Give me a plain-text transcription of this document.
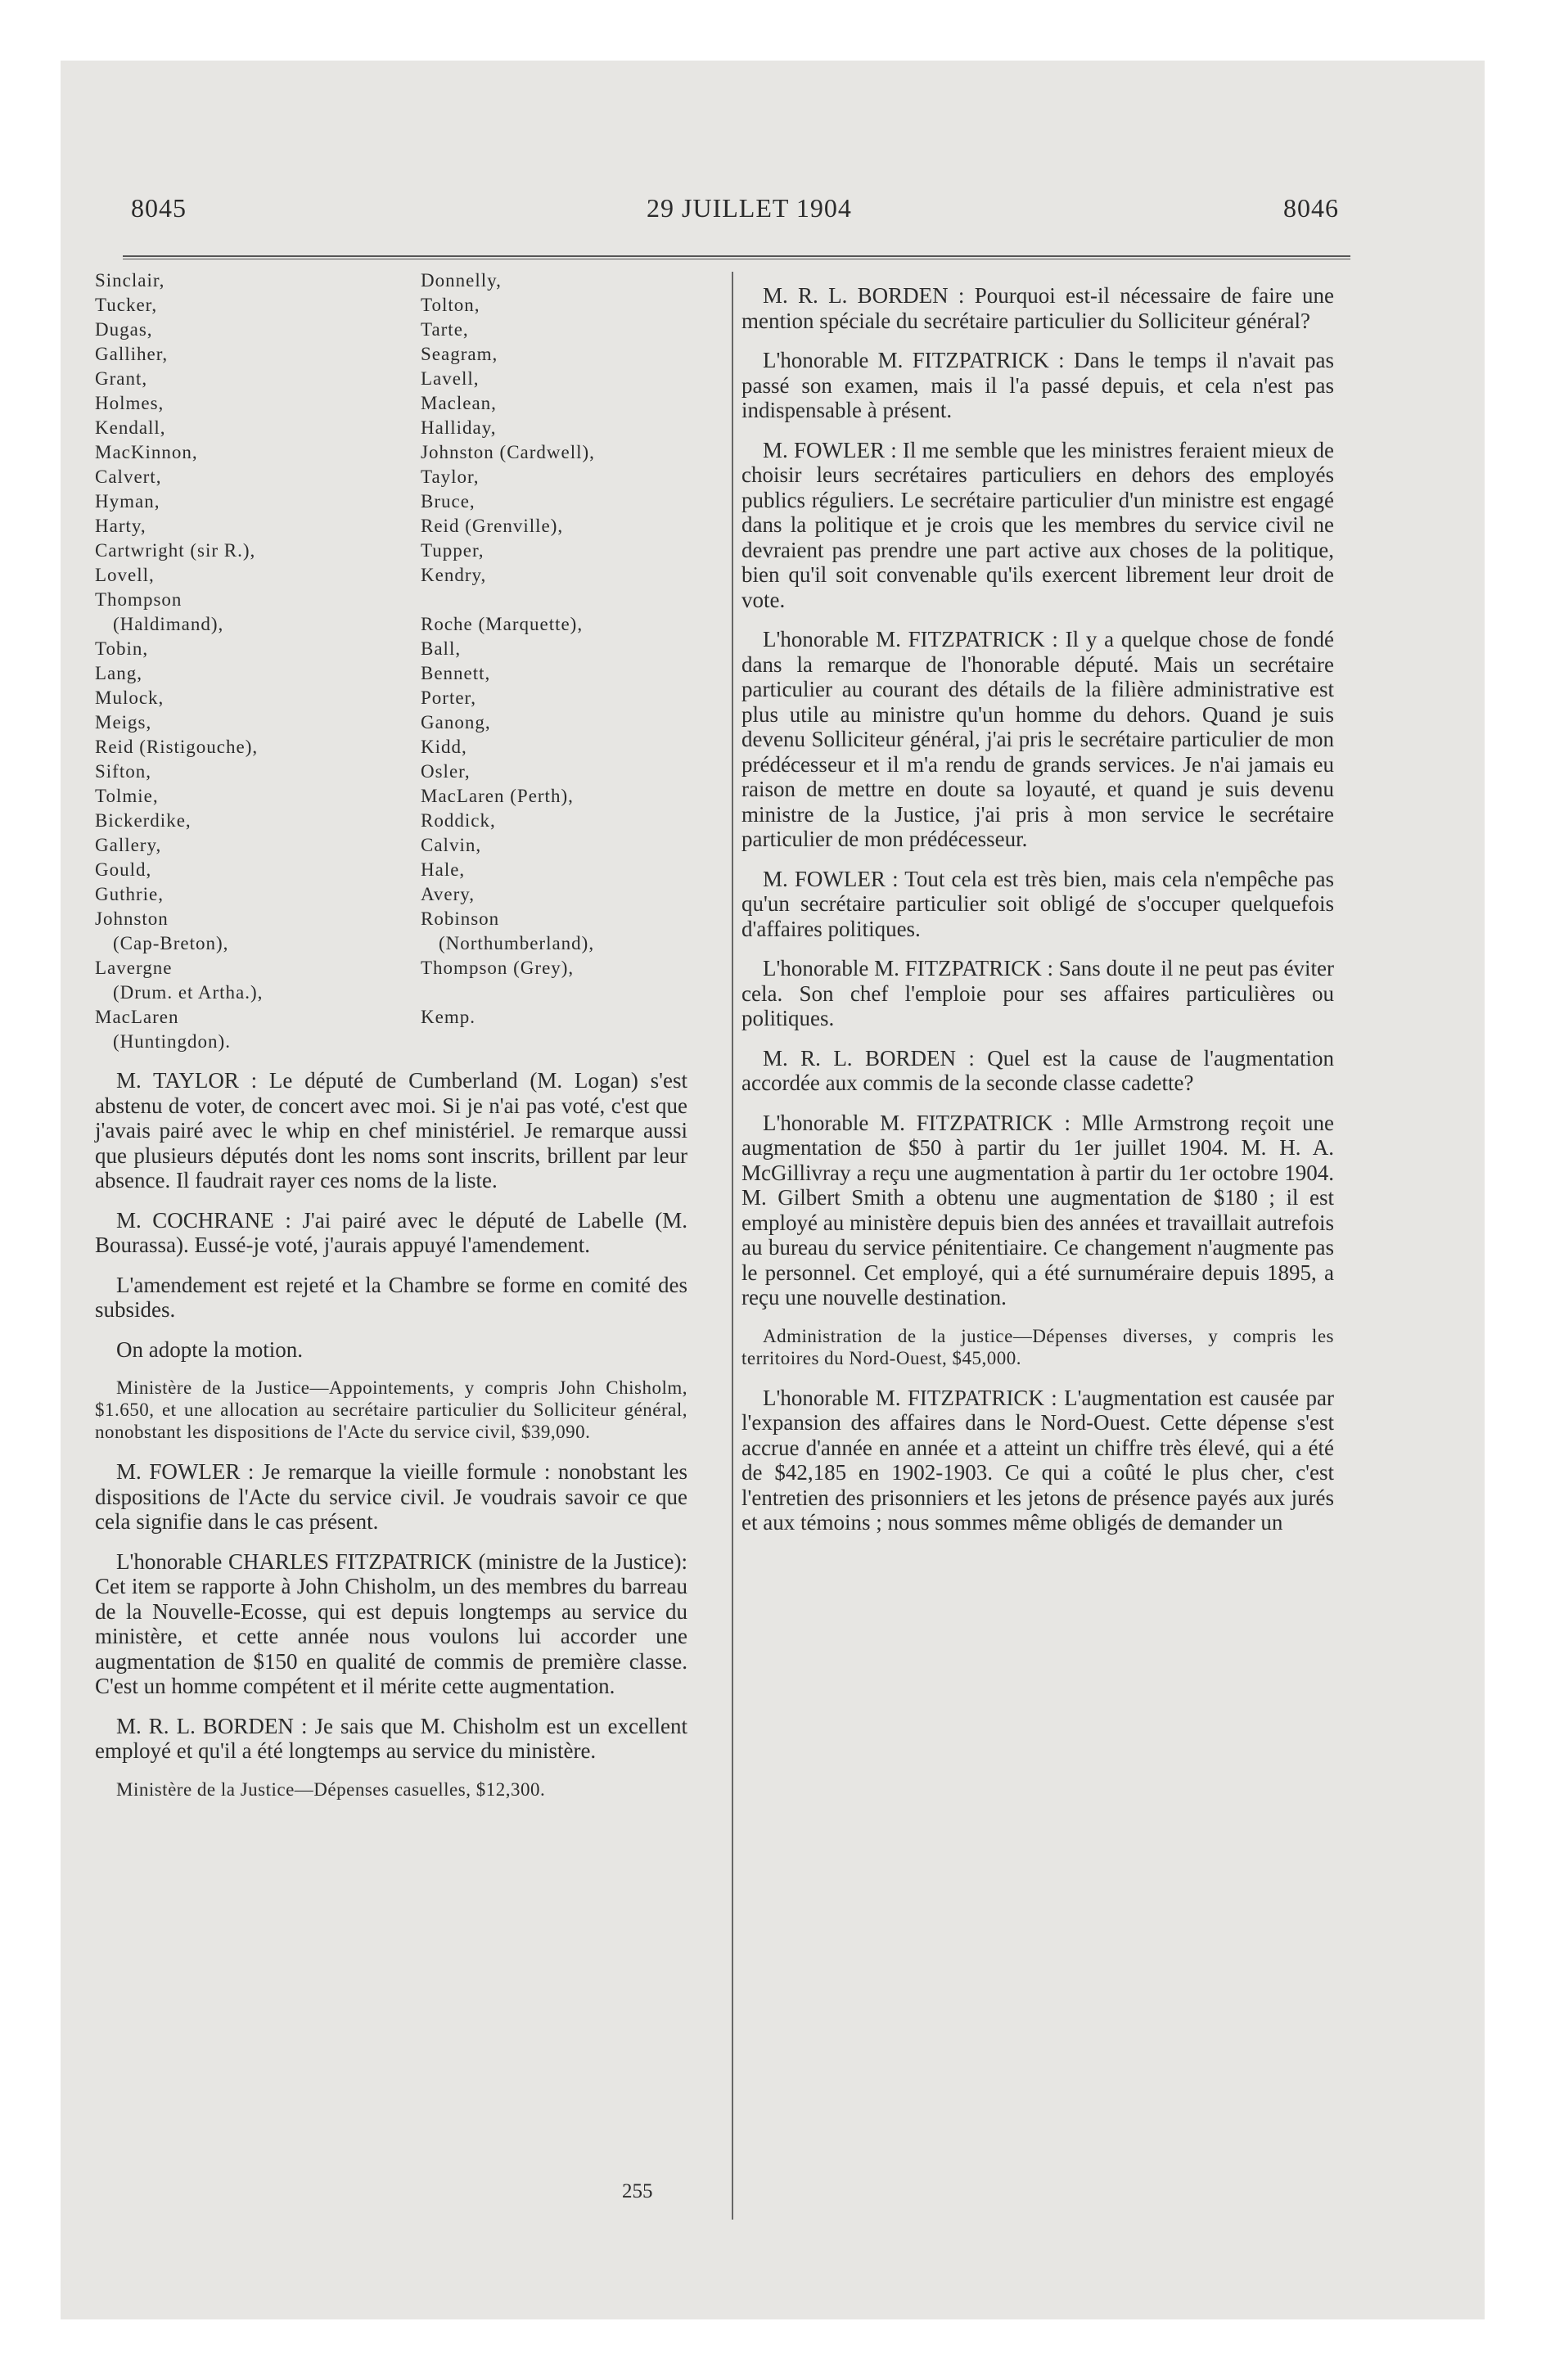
8045	29 JUILLET 1904	8046
Sinclair,
Tucker,
Dugas,
Galliher,
Grant,
Holmes,
Kendall,
MacKinnon,
Calvert,
Hyman,
Harty,
Cartwright (sir R.),
Lovell,
Thompson
(Haldimand),
Tobin,
Lang,
Mulock,
Meigs,
Reid (Ristigouche),
Sifton,
Tolmie,
Bickerdike,
Gallery,
Gould,
Guthrie,
Johnston
(Cap-Breton),
Lavergne
(Drum. et Artha.),
MacLaren
(Huntingdon).
Donnelly,
Tolton,
Tarte,
Seagram,
Lavell,
Maclean,
Halliday,
Johnston (Cardwell),
Taylor,
Bruce,
Reid (Grenville),
Tupper,
Kendry,

Roche (Marquette),
Ball,
Bennett,
Porter,
Ganong,
Kidd,
Osler,
MacLaren (Perth),
Roddick,
Calvin,
Hale,
Avery,
Robinson
(Northumberland),
Thompson (Grey),

Kemp.

M. TAYLOR : Le député de Cumberland (M. Logan) s'est abstenu de voter, de concert avec moi. Si je n'ai pas voté, c'est que j'avais pairé avec le whip en chef ministériel. Je remarque aussi que plusieurs députés dont les noms sont inscrits, brillent par leur absence. Il faudrait rayer ces noms de la liste.

M. COCHRANE : J'ai pairé avec le député de Labelle (M. Bourassa). Eussé-je voté, j'aurais appuyé l'amendement.

L'amendement est rejeté et la Chambre se forme en comité des subsides.

On adopte la motion.

Ministère de la Justice—Appointements, y compris John Chisholm, $1.650, et une allocation au secrétaire particulier du Solliciteur général, nonobstant les dispositions de l'Acte du service civil, $39,090.

M. FOWLER : Je remarque la vieille formule : nonobstant les dispositions de l'Acte du service civil. Je voudrais savoir ce que cela signifie dans le cas présent.

L'honorable CHARLES FITZPATRICK (ministre de la Justice): Cet item se rapporte à John Chisholm, un des membres du barreau de la Nouvelle-Ecosse, qui est depuis longtemps au service du ministère, et cette année nous voulons lui accorder une augmentation de $150 en qualité de commis de première classe. C'est un homme compétent et il mérite cette augmentation.

M. R. L. BORDEN : Je sais que M. Chisholm est un excellent employé et qu'il a été longtemps au service du ministère.

Ministère de la Justice—Dépenses casuelles, $12,300.

M. R. L. BORDEN : Pourquoi est-il nécessaire de faire une mention spéciale du secrétaire particulier du Solliciteur général?

L'honorable M. FITZPATRICK : Dans le temps il n'avait pas passé son examen, mais il l'a passé depuis, et cela n'est pas indispensable à présent.

M. FOWLER : Il me semble que les ministres feraient mieux de choisir leurs secrétaires particuliers en dehors des employés publics réguliers. Le secrétaire particulier d'un ministre est engagé dans la politique et je crois que les membres du service civil ne devraient pas prendre une part active aux choses de la politique, bien qu'il soit convenable qu'ils exercent librement leur droit de vote.

L'honorable M. FITZPATRICK : Il y a quelque chose de fondé dans la remarque de l'honorable député. Mais un secrétaire particulier au courant des détails de la filière administrative est plus utile au ministre qu'un homme du dehors. Quand je suis devenu Solliciteur général, j'ai pris le secrétaire particulier de mon prédécesseur et il m'a rendu de grands services. Je n'ai jamais eu raison de mettre en doute sa loyauté, et quand je suis devenu ministre de la Justice, j'ai pris à mon service le secrétaire particulier de mon prédécesseur.

M. FOWLER : Tout cela est très bien, mais cela n'empêche pas qu'un secrétaire particulier soit obligé de s'occuper quelquefois d'affaires politiques.

L'honorable M. FITZPATRICK : Sans doute il ne peut pas éviter cela. Son chef l'emploie pour ses affaires particulières ou politiques.

M. R. L. BORDEN : Quel est la cause de l'augmentation accordée aux commis de la seconde classe cadette?

L'honorable M. FITZPATRICK : Mlle Armstrong reçoit une augmentation de $50 à partir du 1er juillet 1904. M. H. A. McGillivray a reçu une augmentation à partir du 1er octobre 1904. M. Gilbert Smith a obtenu une augmentation de $180 ; il est employé au ministère depuis bien des années et travaillait autrefois au bureau du service pénitentiaire. Ce changement n'augmente pas le personnel. Cet employé, qui a été surnuméraire depuis 1895, a reçu une nouvelle destination.

Administration de la justice—Dépenses diverses, y compris les territoires du Nord-Ouest, $45,000.

L'honorable M. FITZPATRICK : L'augmentation est causée par l'expansion des affaires dans le Nord-Ouest. Cette dépense s'est accrue d'année en année et a atteint un chiffre très élevé, qui a été de $42,185 en 1902-1903. Ce qui a coûté le plus cher, c'est l'entretien des prisonniers et les jetons de présence payés aux jurés et aux témoins ; nous sommes même obligés de demander un

255
